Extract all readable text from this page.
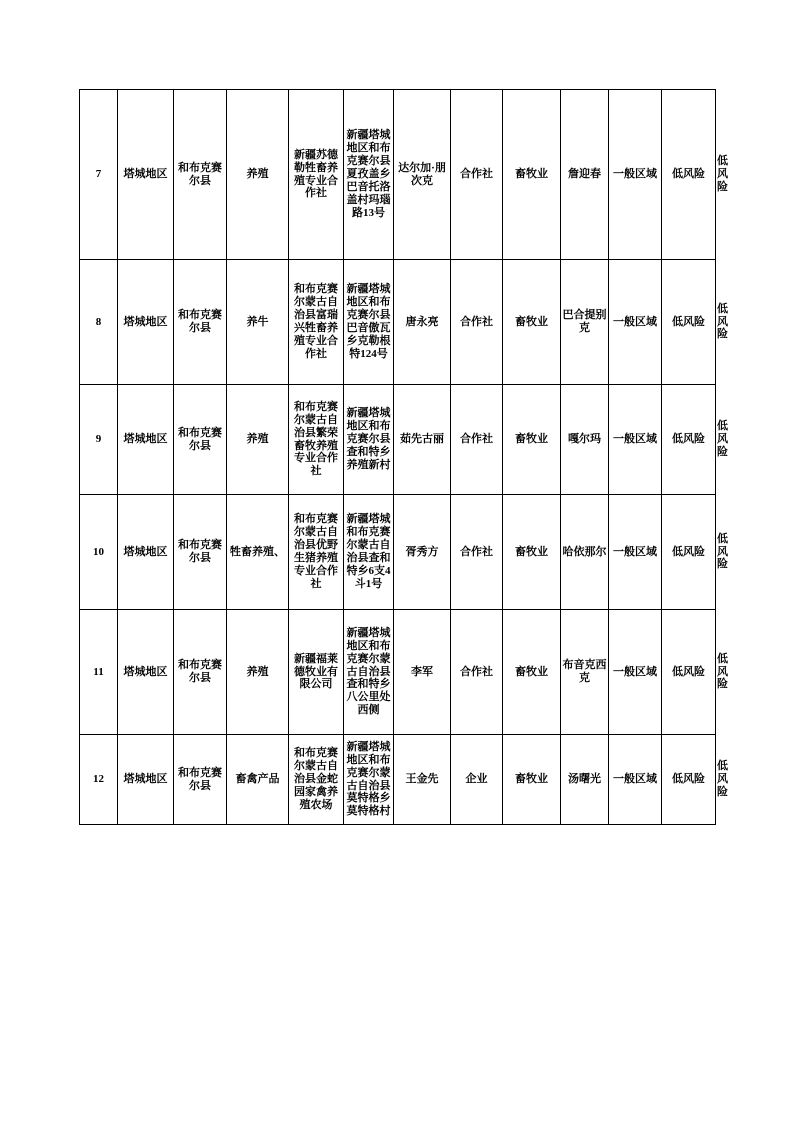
7	塔城地区	和布克赛尔县	养殖	新疆苏德勒牲畜养殖专业合作社	新疆塔城地区和布克赛尔县夏孜盖乡巴音托洛盖村玛瑙路13号	达尔加·朋次克	合作社	畜牧业	詹迎春	一般区域	低风险	低风险
8	塔城地区	和布克赛尔县	养牛	和布克赛尔蒙古自治县富瑞兴牲畜养殖专业合作社	新疆塔城地区和布克赛尔县巴音傲瓦乡克勒根特124号	唐永亮	合作社	畜牧业	巴合提别克	一般区域	低风险	低风险
9	塔城地区	和布克赛尔县	养殖	和布克赛尔蒙古自治县繁荣畜牧养殖专业合作社	新疆塔城地区和布克赛尔县查和特乡养殖新村	茹先古丽	合作社	畜牧业	嘎尔玛	一般区域	低风险	低风险
10	塔城地区	和布克赛尔县	牲畜养殖、	和布克赛尔蒙古自治县优野生猪养殖专业合作社	新疆塔城和布克赛尔蒙古自治县查和特乡6支4斗1号	胥秀方	合作社	畜牧业	哈依那尔	一般区域	低风险	低风险
11	塔城地区	和布克赛尔县	养殖	新疆福莱德牧业有限公司	新疆塔城地区和布克赛尔蒙古自治县查和特乡八公里处西侧	李军	合作社	畜牧业	布音克西克	一般区域	低风险	低风险
12	塔城地区	和布克赛尔县	畜禽产品	和布克赛尔蒙古自治县金蛇园家禽养殖农场	新疆塔城地区和布克赛尔蒙古自治县莫特格乡莫特格村	王金先	企业	畜牧业	汤曙光	一般区域	低风险	低风险
